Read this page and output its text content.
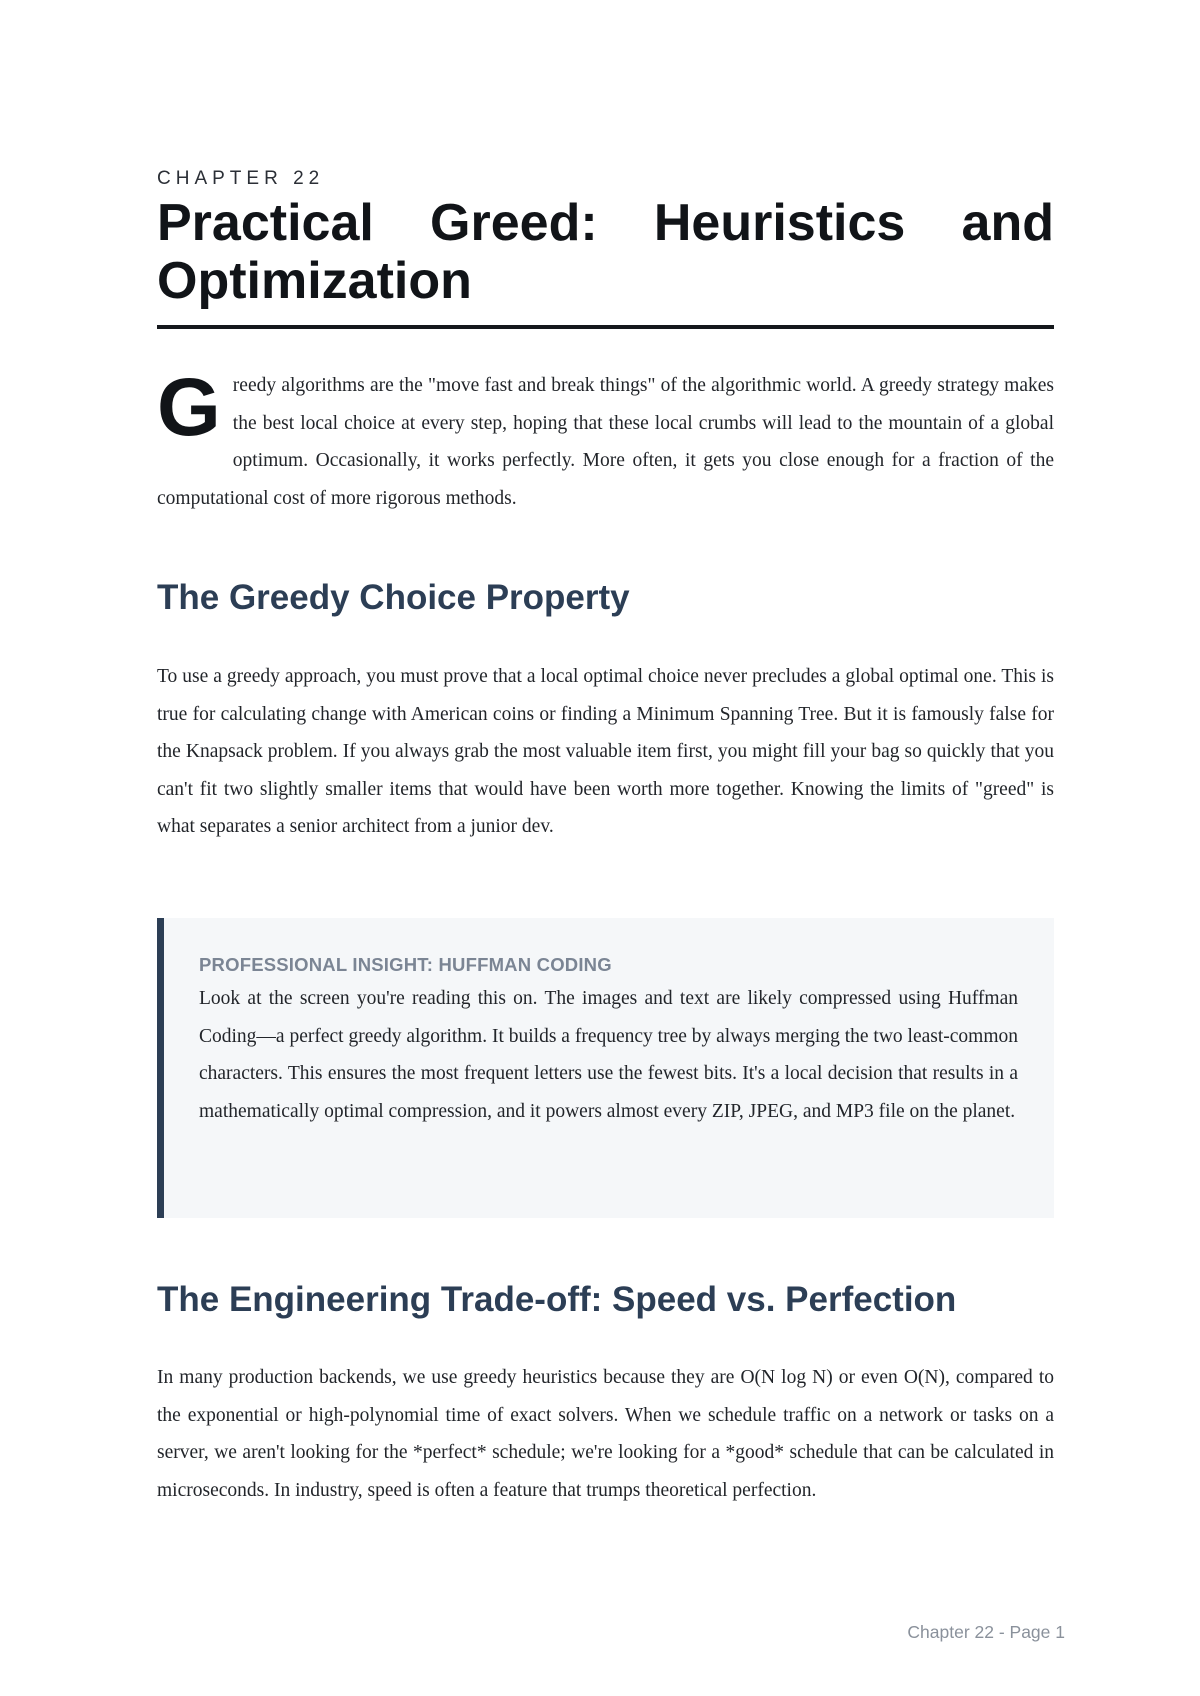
CHAPTER 22
Practical Greed: Heuristics and Optimization
G reedy algorithms are the "move fast and break things" of the algorithmic world. A greedy strategy makes the best local choice at every step, hoping that these local crumbs will lead to the mountain of a global optimum. Occasionally, it works perfectly. More often, it gets you close enough for a fraction of the computational cost of more rigorous methods.

The Greedy Choice Property

To use a greedy approach, you must prove that a local optimal choice never precludes a global optimal one. This is true for calculating change with American coins or finding a Minimum Spanning Tree. But it is famously false for the Knapsack problem. If you always grab the most valuable item first, you might fill your bag so quickly that you can't fit two slightly smaller items that would have been worth more together. Knowing the limits of "greed" is what separates a senior architect from a junior dev.

PROFESSIONAL INSIGHT: HUFFMAN CODING

Look at the screen you're reading this on. The images and text are likely compressed using Huffman Coding—a perfect greedy algorithm. It builds a frequency tree by always merging the two least-common characters. This ensures the most frequent letters use the fewest bits. It's a local decision that results in a mathematically optimal compression, and it powers almost every ZIP, JPEG, and MP3 file on the planet.

The Engineering Trade-off: Speed vs. Perfection

In many production backends, we use greedy heuristics because they are O(N log N) or even O(N), compared to the exponential or high-polynomial time of exact solvers. When we schedule traffic on a network or tasks on a server, we aren't looking for the *perfect* schedule; we're looking for a *good* schedule that can be calculated in microseconds. In industry, speed is often a feature that trumps theoretical perfection.

Chapter 22 - Page 1
